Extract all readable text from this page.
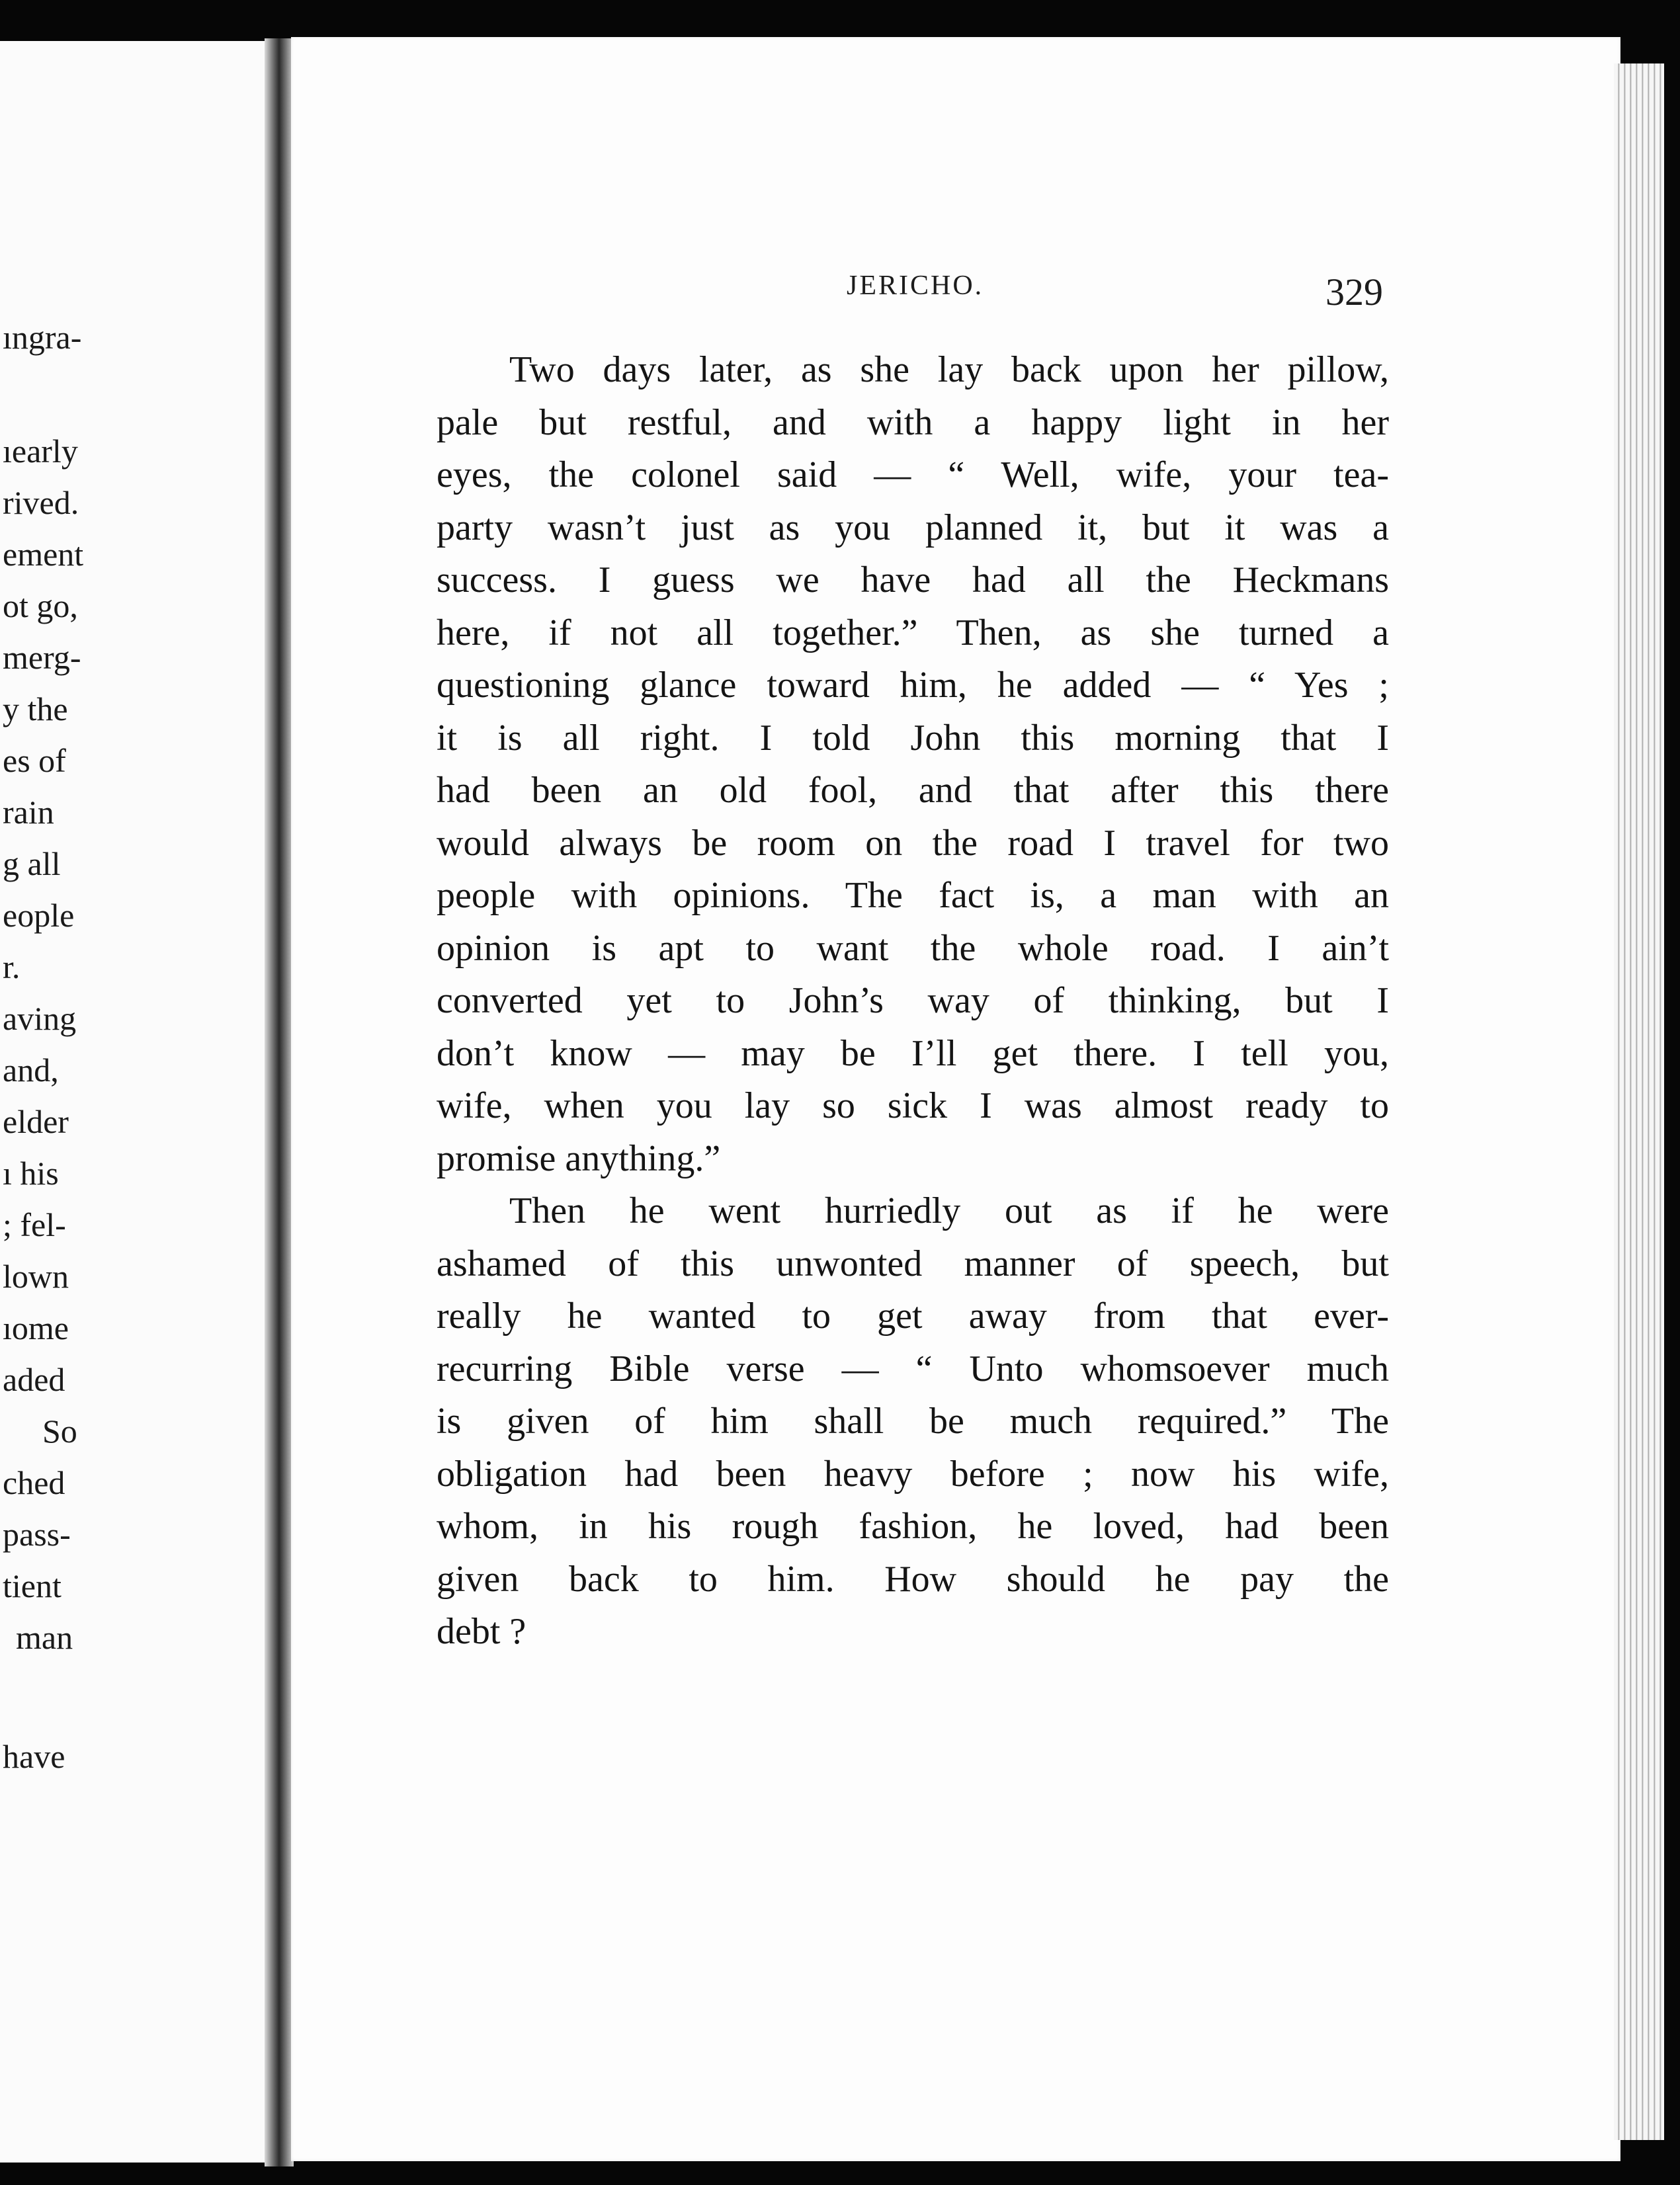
ıngra-
ıearly
rived.
ement
ot go,
merg-
y the
es of
rain
g all
eople
r.
aving
and,
elder
ı his
; fel-
lown
ıome
aded
So
ched
pass-
tient
man
have
JERICHO.	329
Two days later, as she lay back upon her pillow,
pale but restful, and with a happy light in her
eyes, the colonel said — “ Well, wife, your tea-
party wasn’t just as you planned it, but it was a
success. I guess we have had all the Heckmans
here, if not all together.” Then, as she turned a
questioning glance toward him, he added — “ Yes ;
it is all right. I told John this morning that I
had been an old fool, and that after this there
would always be room on the road I travel for two
people with opinions. The fact is, a man with an
opinion is apt to want the whole road. I ain’t
converted yet to John’s way of thinking, but I
don’t know — may be I’ll get there. I tell you,
wife, when you lay so sick I was almost ready to
promise anything.”
Then he went hurriedly out as if he were
ashamed of this unwonted manner of speech, but
really he wanted to get away from that ever-
recurring Bible verse — “ Unto whomsoever much
is given of him shall be much required.” The
obligation had been heavy before ; now his wife,
whom, in his rough fashion, he loved, had been
given back to him. How should he pay the
debt ?
